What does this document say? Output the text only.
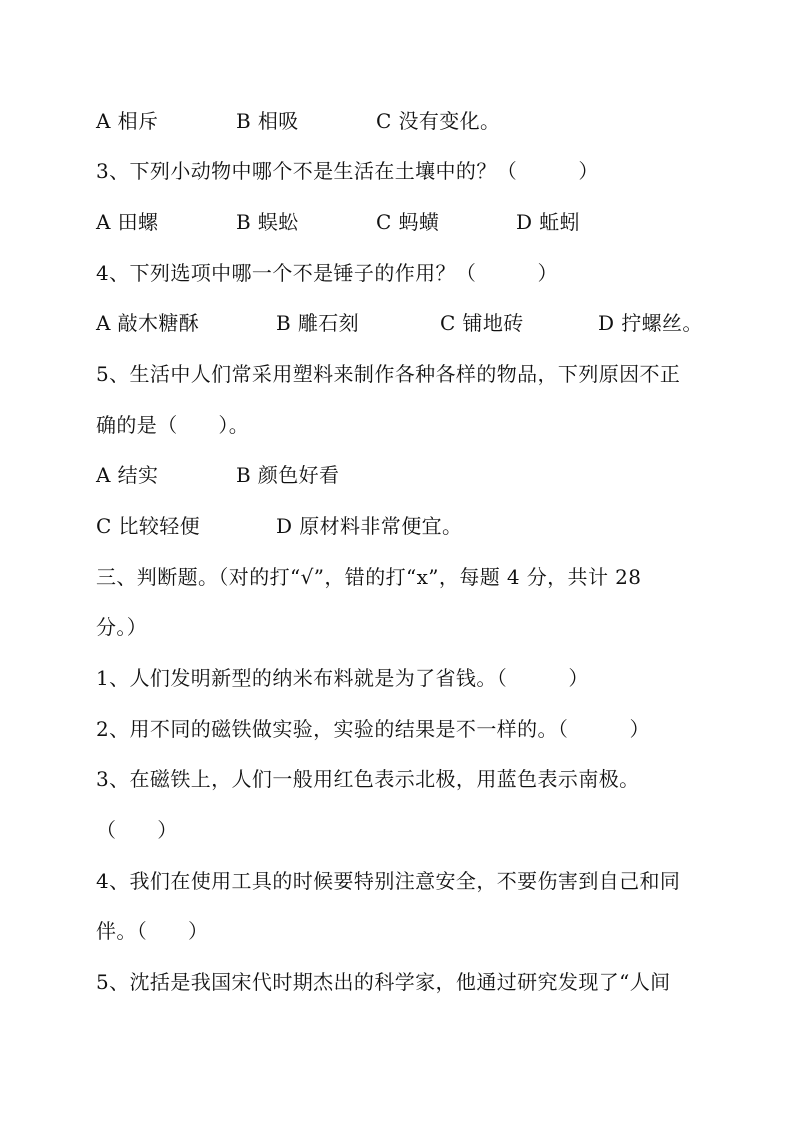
A 相斥	B 相吸	C 没有变化。
3、下列小动物中哪个不是生活在土壤中的？（　　　）
A 田螺	B 蜈蚣	C 蚂蟥	D 蚯蚓
4、下列选项中哪一个不是锤子的作用？（　　　）
A 敲木糖酥	B 雕石刻	C 铺地砖	D 拧螺丝。
5、生活中人们常采用塑料来制作各种各样的物品，下列原因不正
确的是（　　）。
A 结实	B 颜色好看
C 比较轻便	D 原材料非常便宜。
三、判断题。（对的打“√”，错的打“x”，每题 4 分，共计 28
分。）
1、人们发明新型的纳米布料就是为了省钱。（　　　）
2、用不同的磁铁做实验，实验的结果是不一样的。（　　　）
3、在磁铁上，人们一般用红色表示北极，用蓝色表示南极。
（　　）
4、我们在使用工具的时候要特别注意安全，不要伤害到自己和同
伴。（　　）
5、沈括是我国宋代时期杰出的科学家，他通过研究发现了“人间
